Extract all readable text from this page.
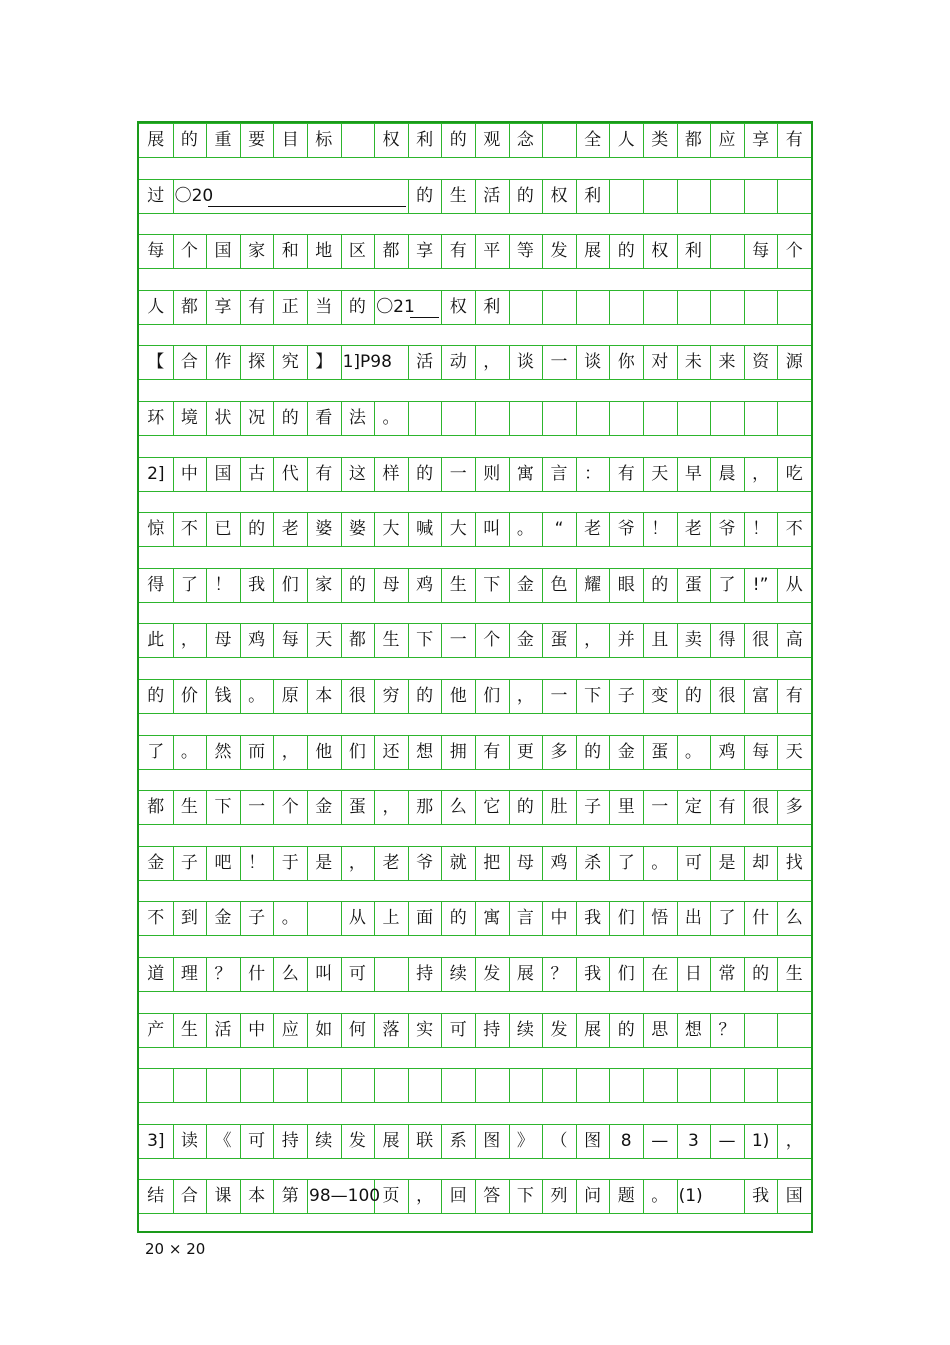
展 的 重 要 目 标	权 利 的 观 念	全 人 类 都 应 享 有
过 〇20	的 生 活 的 权 利
每 个 国 家 和 地 区 都 享 有 平 等 发 展 的 权 利	每 个
人 都 享 有 正 当 的 〇21	权 利
【 合 作 探 究 】 1]P98	活 动 ， 谈 一 谈 你 对 未 来 资 源
环 境 状 况 的 看 法 。
2] 中 国 古 代 有 这 样 的 一 则 寓 言 ： 有 天 早 晨 ， 吃
惊 不 已 的 老 婆 婆 大 喊 大 叫 。	“	老 爷 ！ 老 爷 ！ 不
得 了 ！ 我 们 家 的 母 鸡 生 下 金 色 耀 眼 的 蛋 了	!”	从
此 ， 母 鸡 每 天 都 生 下 一 个 金 蛋 ， 并 且 卖 得 很 高
的 价 钱 。 原 本 很 穷 的 他 们 ， 一 下 子 变 的 很 富 有
了 。 然 而 ， 他 们 还 想 拥 有 更 多 的 金 蛋 。 鸡 每 天
都 生 下 一 个 金 蛋 ， 那 么 它 的 肚 子 里 一 定 有 很 多
金 子 吧 ！ 于 是 ， 老 爷 就 把 母 鸡 杀 了 。 可 是 却 找
不 到 金 子 。	从 上 面 的 寓 言 中 我 们 悟 出 了 什 么
道 理 ？ 什 么 叫 可	持 续 发 展 ？ 我 们 在 日 常 的 生
产 生 活 中 应 如 何 落 实 可 持 续 发 展 的 思 想 ？
3] 读 《 可 持 续 发 展 联 系 图 》 （ 图	8	—	3	— 1) ，
结 合 课 本 第 98—100 页 ， 回 答 下 列 问 题 。 (1)	我 国
20 × 20
